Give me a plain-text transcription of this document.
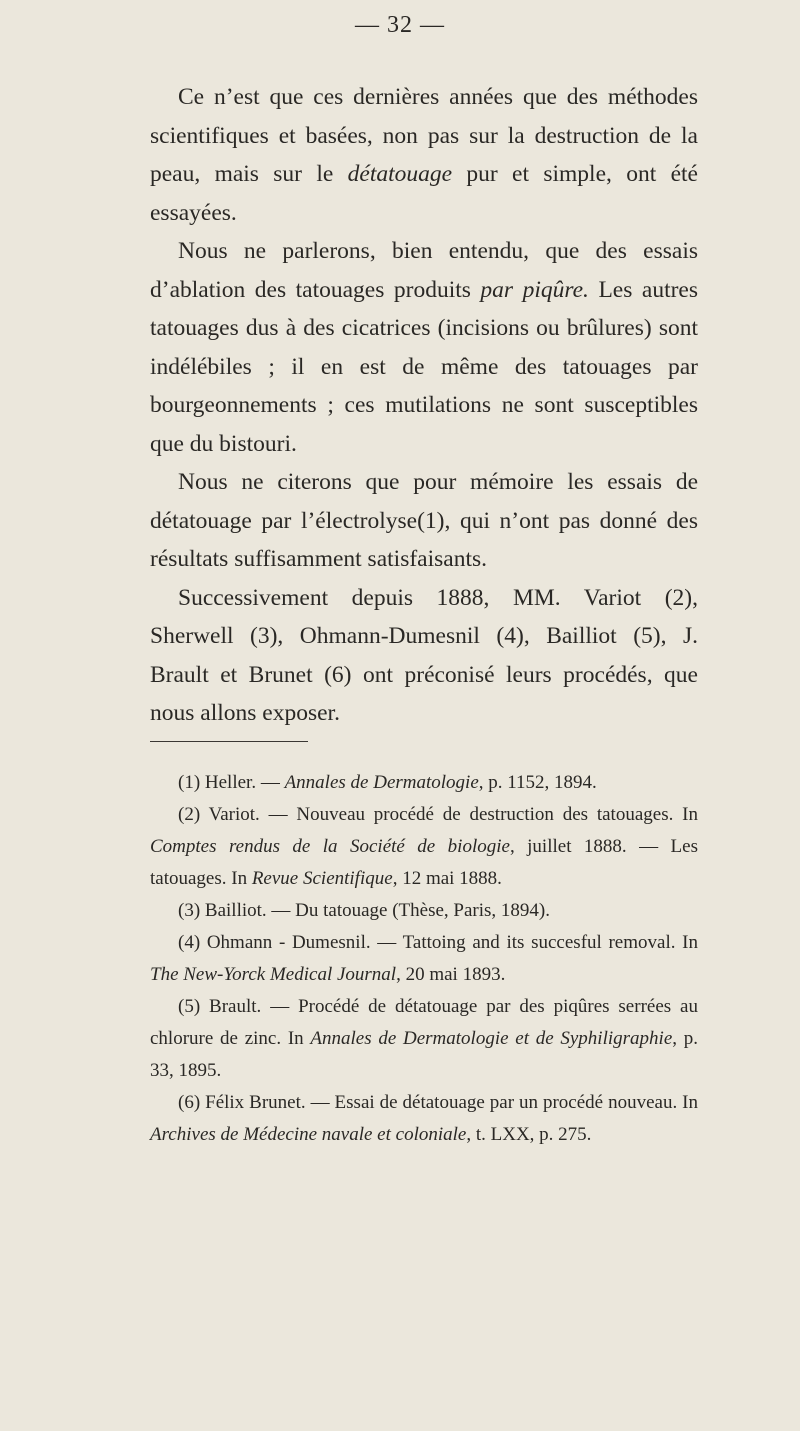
— 32 —

Ce n’est que ces dernières années que des méthodes scientifiques et basées, non pas sur la destruction de la peau, mais sur le détatouage pur et simple, ont été essayées.

Nous ne parlerons, bien entendu, que des essais d’ablation des tatouages produits par piqûre. Les autres tatouages dus à des cicatrices (incisions ou brûlures) sont indélébiles ; il en est de même des tatouages par bourgeonnements ; ces mutilations ne sont susceptibles que du bistouri.

Nous ne citerons que pour mémoire les essais de détatouage par l’électrolyse(1), qui n’ont pas donné des résultats suffisamment satisfaisants.

Successivement depuis 1888, MM. Variot (2), Sherwell (3), Ohmann-Dumesnil (4), Bailliot (5), J. Brault et Brunet (6) ont préconisé leurs procédés, que nous allons exposer.

(1) Heller. — Annales de Dermatologie, p. 1152, 1894.

(2) Variot. — Nouveau procédé de destruction des tatouages. In Comptes rendus de la Société de biologie, juillet 1888. — Les tatouages. In Revue Scientifique, 12 mai 1888.

(3) Bailliot. — Du tatouage (Thèse, Paris, 1894).

(4) Ohmann - Dumesnil. — Tattoing and its succesful removal. In The New-Yorck Medical Journal, 20 mai 1893.

(5) Brault. — Procédé de détatouage par des piqûres serrées au chlorure de zinc. In Annales de Dermatologie et de Syphiligraphie, p. 33, 1895.

(6) Félix Brunet. — Essai de détatouage par un procédé nouveau. In Archives de Médecine navale et coloniale, t. LXX, p. 275.
